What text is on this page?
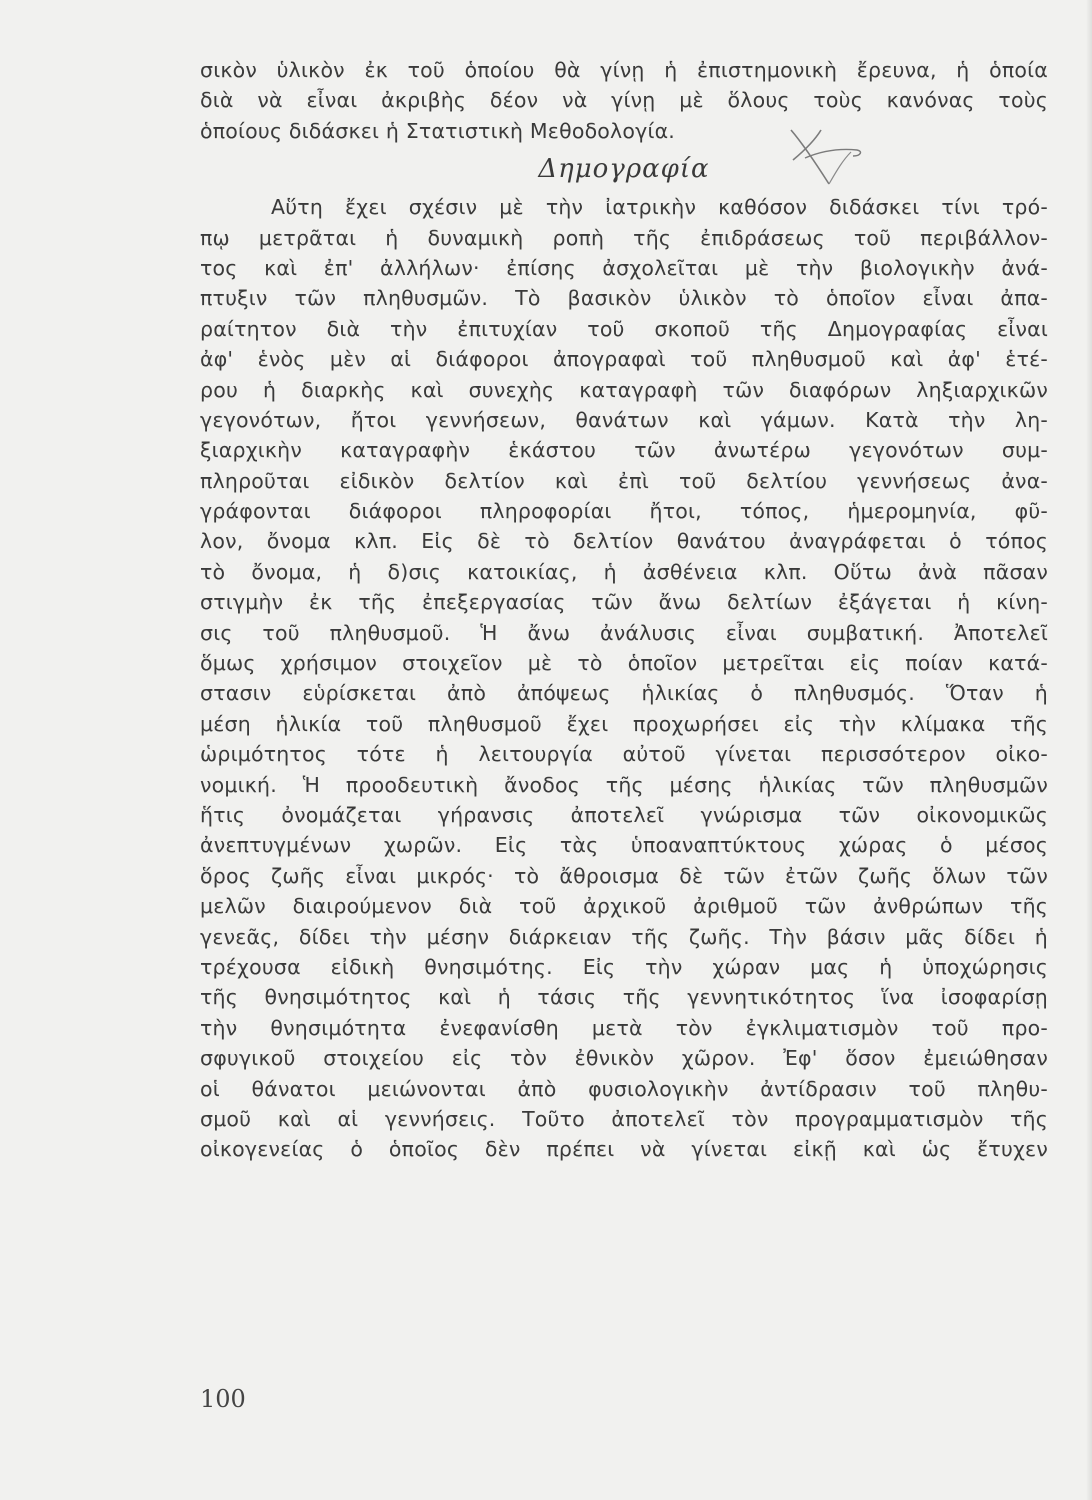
σικὸν ὑλικὸν ἐκ τοῦ ὁποίου θὰ γίνῃ ἡ ἐπιστημονικὴ ἔρευνα, ἡ ὁποία
διὰ νὰ εἶναι ἀκριβὴς δέον νὰ γίνῃ μὲ ὅλους τοὺς κανόνας τοὺς
ὁποίους διδάσκει ἡ Στατιστικὴ Μεθοδολογία.
Δημογραφία
Αὕτη ἔχει σχέσιν μὲ τὴν ἰατρικὴν καθόσον διδάσκει τίνι τρό-
πῳ μετρᾶται ἡ δυναμικὴ ροπὴ τῆς ἐπιδράσεως τοῦ περιβάλλον-
τος καὶ ἐπ' ἀλλήλων· ἐπίσης ἀσχολεῖται μὲ τὴν βιολογικὴν ἀνά-
πτυξιν τῶν πληθυσμῶν. Τὸ βασικὸν ὑλικὸν τὸ ὁποῖον εἶναι ἀπα-
ραίτητον διὰ τὴν ἐπιτυχίαν τοῦ σκοποῦ τῆς Δημογραφίας εἶναι
ἀφ' ἑνὸς μὲν αἱ διάφοροι ἀπογραφαὶ τοῦ πληθυσμοῦ καὶ ἀφ' ἑτέ-
ρου ἡ διαρκὴς καὶ συνεχὴς καταγραφὴ τῶν διαφόρων ληξιαρχικῶν
γεγονότων, ἤτοι γεννήσεων, θανάτων καὶ γάμων. Κατὰ τὴν λη-
ξιαρχικὴν καταγραφὴν ἑκάστου τῶν ἀνωτέρω γεγονότων συμ-
πληροῦται εἰδικὸν δελτίον καὶ ἐπὶ τοῦ δελτίου γεννήσεως ἀνα-
γράφονται διάφοροι πληροφορίαι ἤτοι, τόπος, ἡμερομηνία, φῦ-
λον, ὄνομα κλπ. Εἰς δὲ τὸ δελτίον θανάτου ἀναγράφεται ὁ τόπος
τὸ ὄνομα, ἡ δ)σις κατοικίας, ἡ ἀσθένεια κλπ. Οὕτω ἀνὰ πᾶσαν
στιγμὴν ἐκ τῆς ἐπεξεργασίας τῶν ἄνω δελτίων ἐξάγεται ἡ κίνη-
σις τοῦ πληθυσμοῦ. Ἡ ἄνω ἀνάλυσις εἶναι συμβατική. Ἀποτελεῖ
ὅμως χρήσιμον στοιχεῖον μὲ τὸ ὁποῖον μετρεῖται εἰς ποίαν κατά-
στασιν εὑρίσκεται ἀπὸ ἀπόψεως ἡλικίας ὁ πληθυσμός. Ὅταν ἡ
μέση ἡλικία τοῦ πληθυσμοῦ ἔχει προχωρήσει εἰς τὴν κλίμακα τῆς
ὡριμότητος τότε ἡ λειτουργία αὐτοῦ γίνεται περισσότερον οἰκο-
νομική. Ἡ προοδευτικὴ ἄνοδος τῆς μέσης ἡλικίας τῶν πληθυσμῶν
ἥτις ὀνομάζεται γήρανσις ἀποτελεῖ γνώρισμα τῶν οἰκονομικῶς
ἀνεπτυγμένων χωρῶν. Εἰς τὰς ὑποαναπτύκτους χώρας ὁ μέσος
ὅρος ζωῆς εἶναι μικρός· τὸ ἄθροισμα δὲ τῶν ἐτῶν ζωῆς ὅλων τῶν
μελῶν διαιρούμενον διὰ τοῦ ἀρχικοῦ ἀριθμοῦ τῶν ἀνθρώπων τῆς
γενεᾶς, δίδει τὴν μέσην διάρκειαν τῆς ζωῆς. Τὴν βάσιν μᾶς δίδει ἡ
τρέχουσα εἰδικὴ θνησιμότης. Εἰς τὴν χώραν μας ἡ ὑποχώρησις
τῆς θνησιμότητος καὶ ἡ τάσις τῆς γεννητικότητος ἵνα ἰσοφαρίσῃ
τὴν θνησιμότητα ἐνεφανίσθη μετὰ τὸν ἐγκλιματισμὸν τοῦ προ-
σφυγικοῦ στοιχείου εἰς τὸν ἐθνικὸν χῶρον. Ἐφ' ὅσον ἐμειώθησαν
οἱ θάνατοι μειώνονται ἀπὸ φυσιολογικὴν ἀντίδρασιν τοῦ πληθυ-
σμοῦ καὶ αἱ γεννήσεις. Τοῦτο ἀποτελεῖ τὸν προγραμματισμὸν τῆς
οἰκογενείας ὁ ὁποῖος δὲν πρέπει νὰ γίνεται εἰκῇ καὶ ὡς ἔτυχεν
100
